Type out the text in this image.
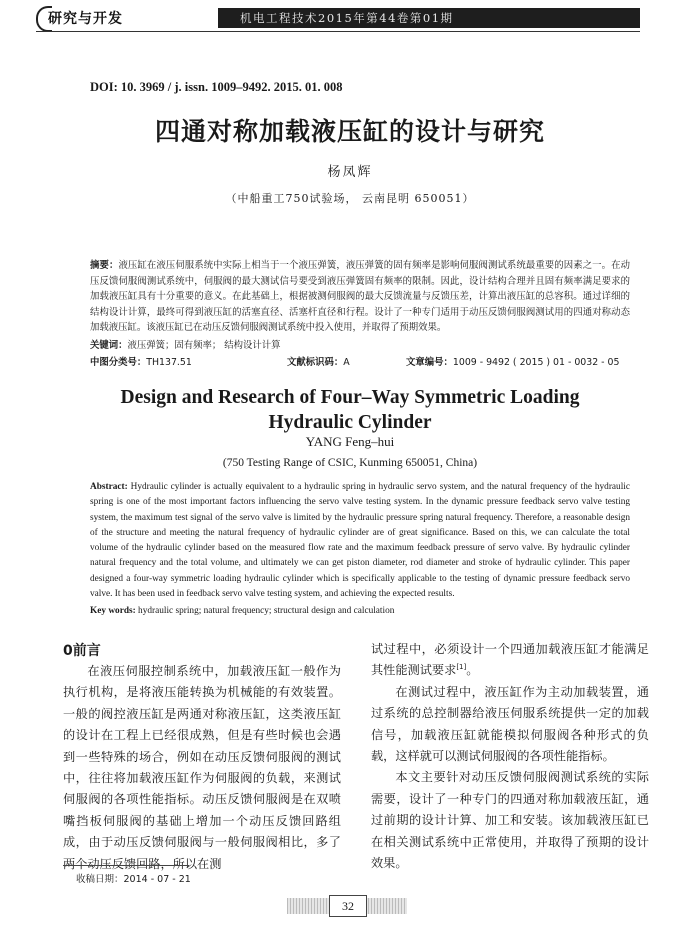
研究与开发	机电工程技术2015年第44卷第01期
DOI: 10. 3969 / j. issn. 1009–9492. 2015. 01. 008
四通对称加载液压缸的设计与研究
杨凤辉
（中船重工750试验场， 云南昆明 650051）
摘要：液压缸在液压伺服系统中实际上相当于一个液压弹簧，液压弹簧的固有频率是影响伺服阀测试系统最重要的因素之一。在动压反馈伺服阀测试系统中，伺服阀的最大测试信号要受到液压弹簧固有频率的限制。因此，设计结构合理并且固有频率满足要求的加载液压缸具有十分重要的意义。在此基础上，根据被测伺服阀的最大反馈流量与反馈压差，计算出液压缸的总容积。通过详细的结构设计计算，最终可得到液压缸的活塞直径、活塞杆直径和行程。设计了一种专门适用于动压反馈伺服阀测试用的四通对称动态加载液压缸。该液压缸已在动压反馈伺服阀测试系统中投入使用，并取得了预期效果。
关键词：液压弹簧；固有频率； 结构设计计算
中图分类号：TH137.51	文献标识码：A	文章编号：1009 - 9492 ( 2015 ) 01 - 0032 - 05
Design and Research of Four–Way Symmetric Loading
Hydraulic Cylinder
YANG Feng–hui
(750 Testing Range of CSIC, Kunming 650051, China)
Abstract: Hydraulic cylinder is actually equivalent to a hydraulic spring in hydraulic servo system, and the natural frequency of the hydraulic spring is one of the most important factors influencing the servo valve testing system. In the dynamic pressure feedback servo valve testing system, the maximum test signal of the servo valve is limited by the hydraulic pressure spring natural frequency. Therefore, a reasonable design of the structure and meeting the natural frequency of hydraulic cylinder are of great significance. Based on this, we can calculate the total volume of the hydraulic cylinder based on the measured flow rate and the maximum feedback pressure of servo valve. By hydraulic cylinder natural frequency and the total volume, and ultimately we can get piston diameter, rod diameter and stroke of hydraulic cylinder. This paper designed a four-way symmetric loading hydraulic cylinder which is specifically applicable to the testing of dynamic pressure feedback servo valve. It has been used in feedback servo valve testing system, and achieving the expected results.
Key words: hydraulic spring; natural frequency; structural design and calculation
0前言

在液压伺服控制系统中，加载液压缸一般作为执行机构，是将液压能转换为机械能的有效装置。一般的阀控液压缸是两通对称液压缸，这类液压缸的设计在工程上已经很成熟，但是有些时候也会遇到一些特殊的场合，例如在动压反馈伺服阀的测试中，往往将加载液压缸作为伺服阀的负载，来测试伺服阀的各项性能指标。动压反馈伺服阀是在双喷嘴挡板伺服阀的基础上增加一个动压反馈回路组成，由于动压反馈伺服阀与一般伺服阀相比，多了两个动压反馈回路，所以在测

试过程中，必须设计一个四通加载液压缸才能满足其性能测试要求[1]。

在测试过程中，液压缸作为主动加载装置，通过系统的总控制器给液压伺服系统提供一定的加载信号，加载液压缸就能模拟伺服阀各种形式的负载，这样就可以测试伺服阀的各项性能指标。

本文主要针对动压反馈伺服阀测试系统的实际需要，设计了一种专门的四通对称加载液压缸，通过前期的设计计算、加工和安装。该加载液压缸已在相关测试系统中正常使用，并取得了预期的设计效果。

收稿日期：2014 - 07 - 21
32
